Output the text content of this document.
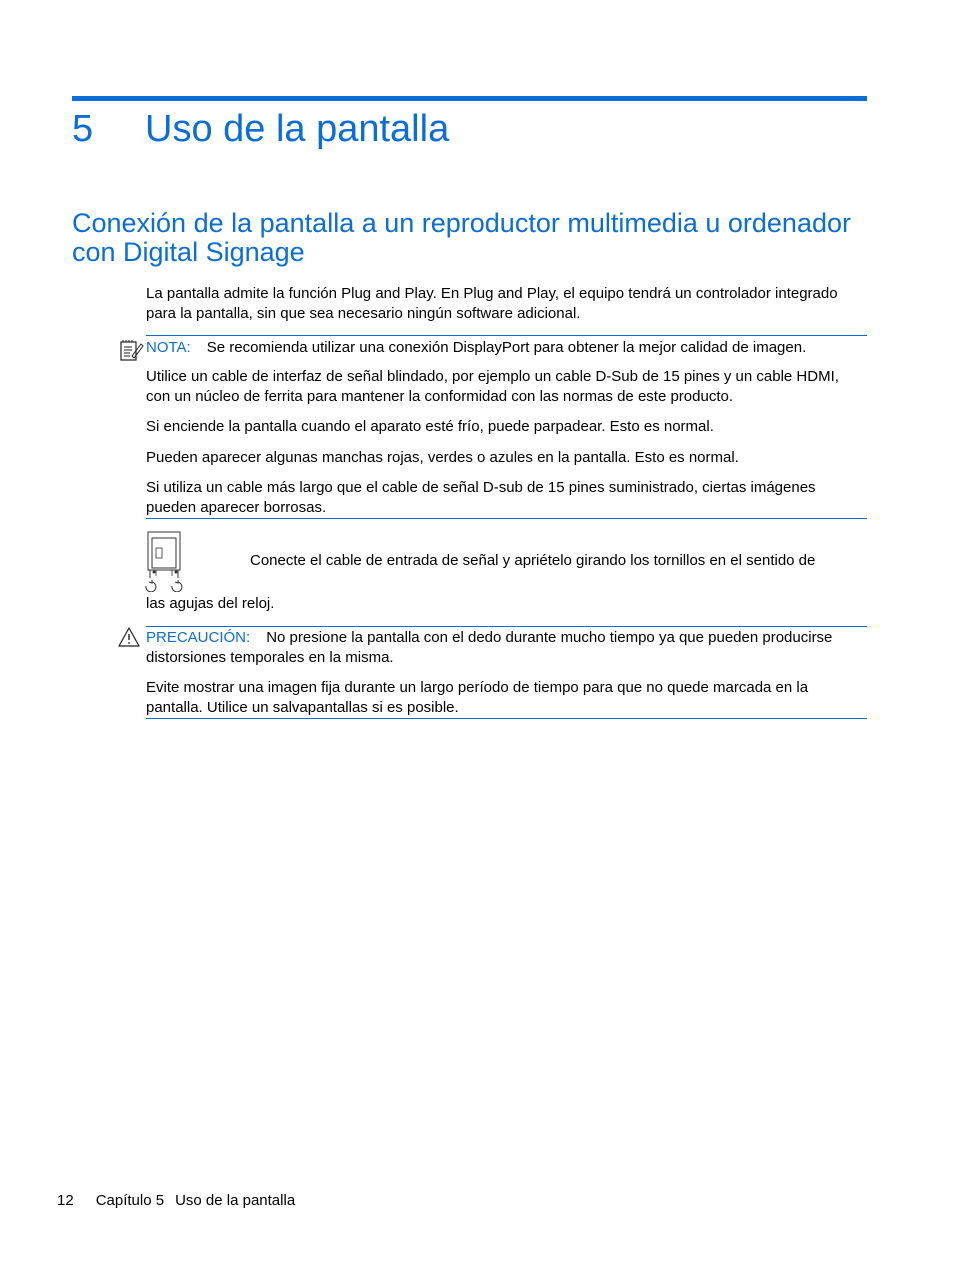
5 Uso de la pantalla
Conexión de la pantalla a un reproductor multimedia u ordenador con Digital Signage
La pantalla admite la función Plug and Play. En Plug and Play, el equipo tendrá un controlador integrado para la pantalla, sin que sea necesario ningún software adicional.
NOTA: Se recomienda utilizar una conexión DisplayPort para obtener la mejor calidad de imagen.
Utilice un cable de interfaz de señal blindado, por ejemplo un cable D-Sub de 15 pines y un cable HDMI, con un núcleo de ferrita para mantener la conformidad con las normas de este producto.
Si enciende la pantalla cuando el aparato esté frío, puede parpadear. Esto es normal.
Pueden aparecer algunas manchas rojas, verdes o azules en la pantalla. Esto es normal.
Si utiliza un cable más largo que el cable de señal D-sub de 15 pines suministrado, ciertas imágenes pueden aparecer borrosas.
Conecte el cable de entrada de señal y apriételo girando los tornillos en el sentido de
las agujas del reloj.
PRECAUCIÓN: No presione la pantalla con el dedo durante mucho tiempo ya que pueden producirse distorsiones temporales en la misma.
Evite mostrar una imagen fija durante un largo período de tiempo para que no quede marcada en la pantalla. Utilice un salvapantallas si es posible.
12 Capítulo 5 Uso de la pantalla
